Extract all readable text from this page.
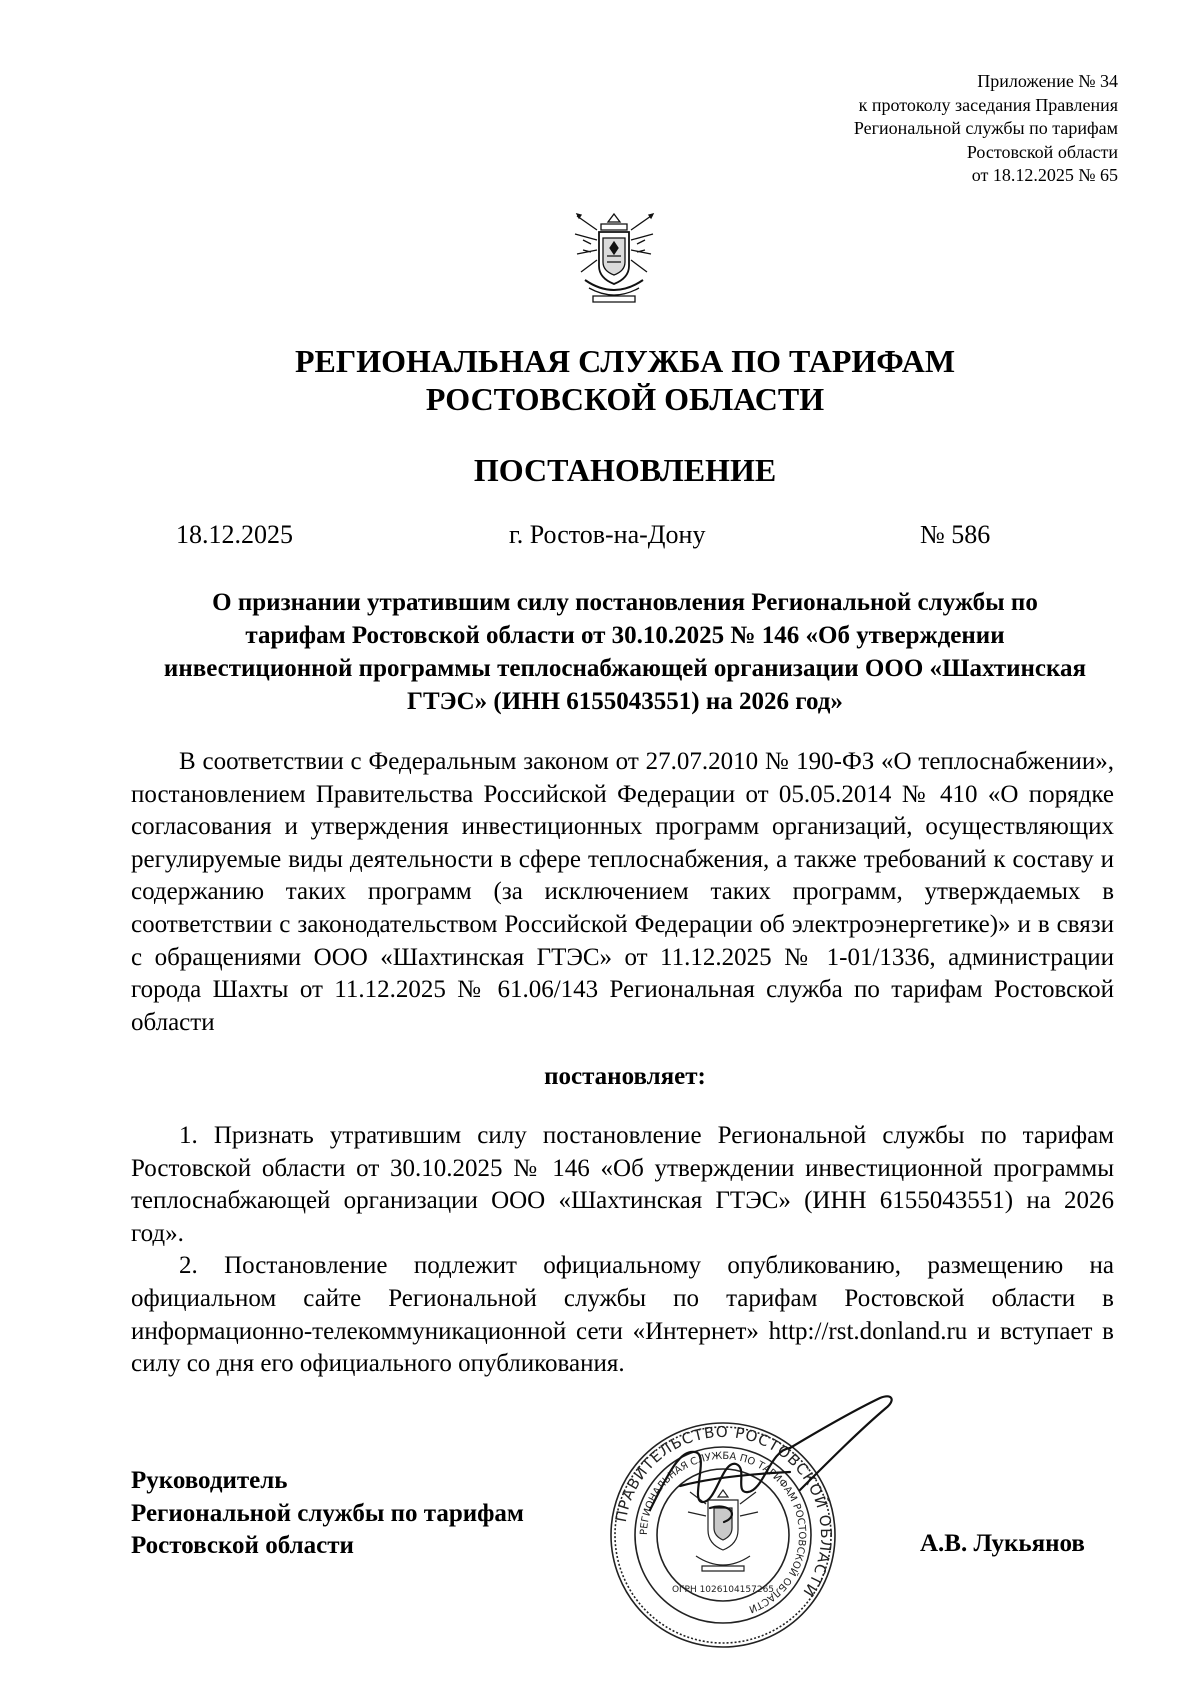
Приложение № 34
к протоколу заседания Правления
Региональной службы по тарифам
Ростовской области
от 18.12.2025 № 65
РЕГИОНАЛЬНАЯ СЛУЖБА ПО ТАРИФАМ
РОСТОВСКОЙ ОБЛАСТИ
ПОСТАНОВЛЕНИЕ
18.12.2025	г. Ростов-на-Дону	№ 586
О признании утратившим силу постановления Региональной службы по тарифам Ростовской области от 30.10.2025 № 146 «Об утверждении инвестиционной программы теплоснабжающей организации ООО «Шахтинская ГТЭС» (ИНН 6155043551) на 2026 год»
В соответствии с Федеральным законом от 27.07.2010 № 190-ФЗ «О теплоснабжении», постановлением Правительства Российской Федерации от 05.05.2014 № 410 «О порядке согласования и утверждения инвестиционных программ организаций, осуществляющих регулируемые виды деятельности в сфере теплоснабжения, а также требований к составу и содержанию таких программ (за исключением таких программ, утверждаемых в соответствии с законодательством Российской Федерации об электроэнергетике)» и в связи с обращениями ООО «Шахтинская ГТЭС» от 11.12.2025 № 1-01/1336, администрации города Шахты от 11.12.2025 № 61.06/143 Региональная служба по тарифам Ростовской области
постановляет:

1. Признать утратившим силу постановление Региональной службы по тарифам Ростовской области от 30.10.2025 № 146 «Об утверждении инвестиционной программы теплоснабжающей организации ООО «Шахтинская ГТЭС» (ИНН 6155043551) на 2026 год».

2. Постановление подлежит официальному опубликованию, размещению на официальном сайте Региональной службы по тарифам Ростовской области в информационно-телекоммуникационной сети «Интернет» http://rst.donland.ru и вступает в силу со дня его официального опубликования.

Руководитель
Региональной службы по тарифам
Ростовской области
ПРАВИТЕЛЬСТВО РОСТОВСКОЙ ОБЛАСТИ
РЕГИОНАЛЬНАЯ СЛУЖБА ПО ТАРИФАМ РОСТОВСКОЙ ОБЛАСТИ
ОГРН 1026104157265
А.В. Лукьянов
